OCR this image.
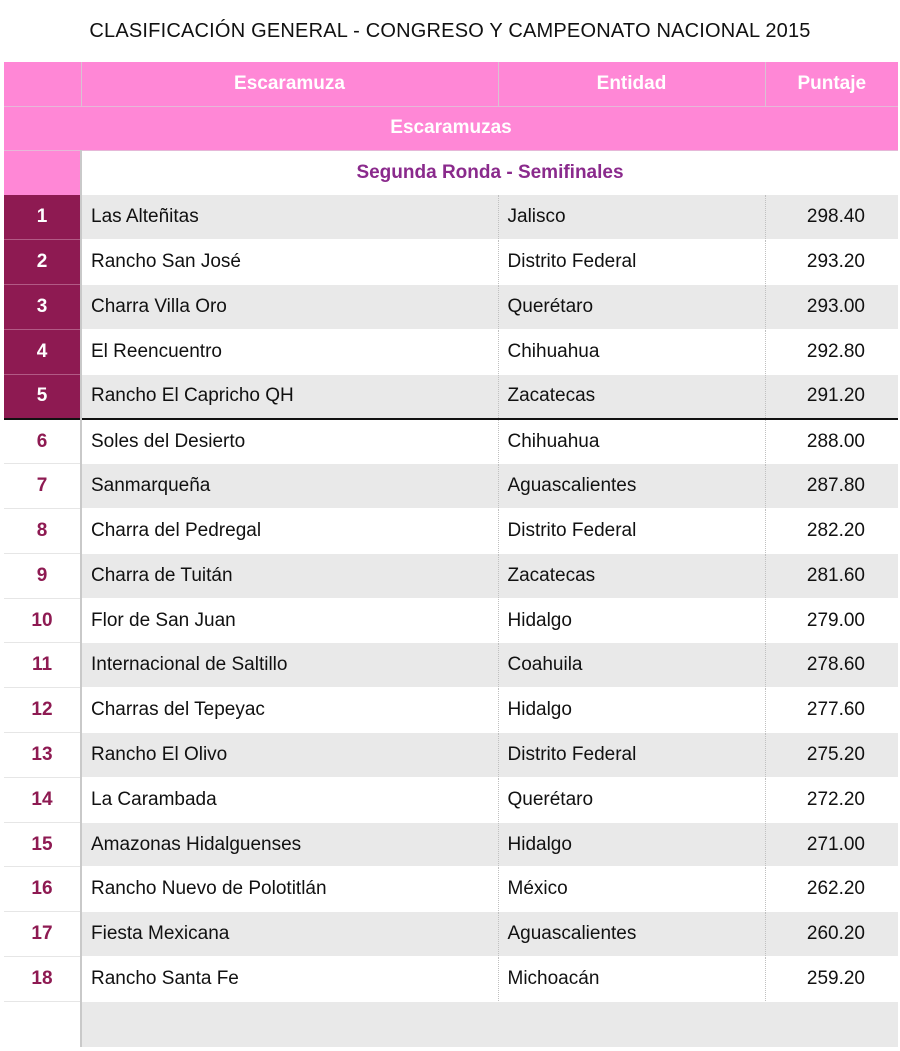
CLASIFICACIÓN GENERAL - CONGRESO Y CAMPEONATO NACIONAL 2015
	Escaramuza	Entidad	Puntaje
Escaramuzas			
	Segunda Ronda - Semifinales		
1	Las Alteñitas	Jalisco	298.40
2	Rancho San José	Distrito Federal	293.20
3	Charra Villa Oro	Querétaro	293.00
4	El Reencuentro	Chihuahua	292.80
5	Rancho El Capricho QH	Zacatecas	291.20
6	Soles del Desierto	Chihuahua	288.00
7	Sanmarqueña	Aguascalientes	287.80
8	Charra del Pedregal	Distrito Federal	282.20
9	Charra de Tuitán	Zacatecas	281.60
10	Flor de San Juan	Hidalgo	279.00
11	Internacional de Saltillo	Coahuila	278.60
12	Charras del Tepeyac	Hidalgo	277.60
13	Rancho El Olivo	Distrito Federal	275.20
14	La Carambada	Querétaro	272.20
15	Amazonas Hidalguenses	Hidalgo	271.00
16	Rancho Nuevo de Polotitlán	México	262.20
17	Fiesta Mexicana	Aguascalientes	260.20
18	Rancho Santa Fe	Michoacán	259.20
